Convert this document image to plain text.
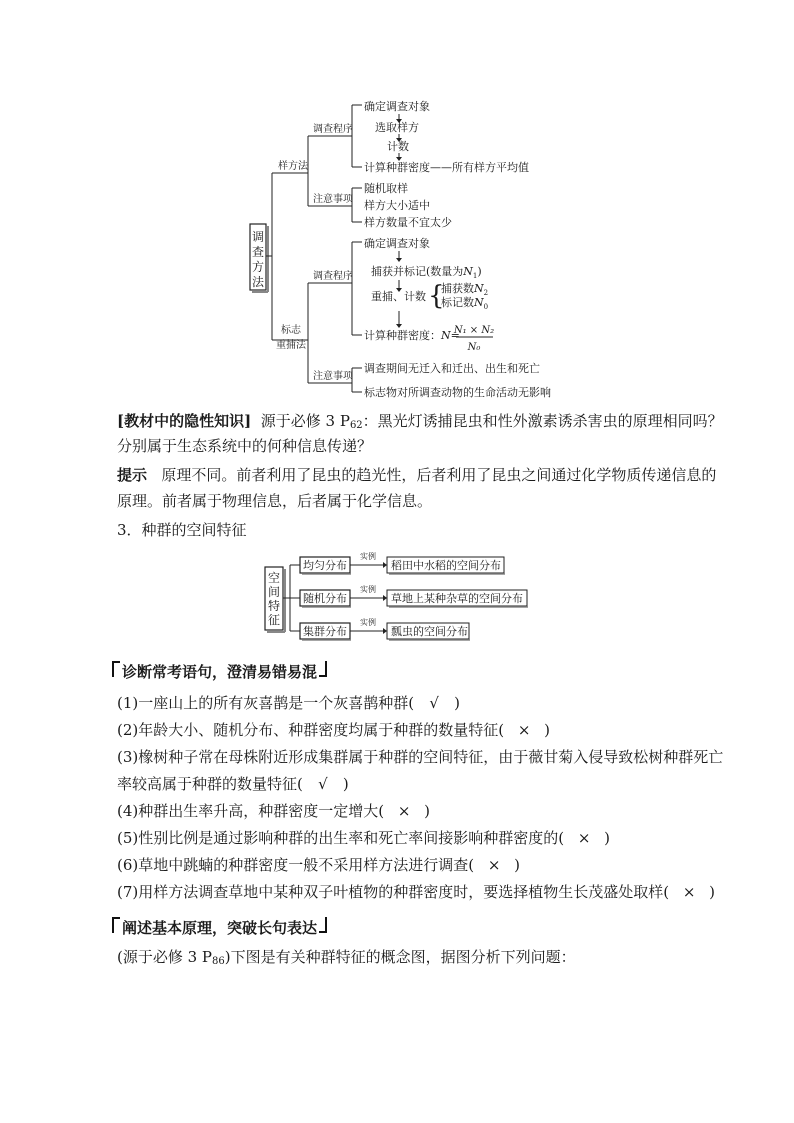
调
查
方
法
样方法
调查程序
注意事项
确定调查对象
选取样方
计数
计算种群密度——所有样方平均值
随机取样
样方大小适中
样方数量不宜太少
标志
重捕法
调查程序
注意事项
确定调查对象
捕获并标记(数量为$N_1$)
重捕、计数 {
捕获数$N_2$
标记数$N_0$
计算种群密度： N=
N₁ × N₂
N₀
调查期间无迁入和迁出、出生和死亡
标志物对所调查动物的生命活动无影响
[教材中的隐性知识] 源于必修 3 $P_{62}$：黑光灯诱捕昆虫和性外激素诱杀害虫的原理相同吗？
分别属于生态系统中的何种信息传递？
提示 原理不同。前者利用了昆虫的趋光性，后者利用了昆虫之间通过化学物质传递信息的
原理。前者属于物理信息，后者属于化学信息。
3．种群的空间特征
空
间
特
征
均匀分布
实例
稻田中水稻的空间分布
随机分布
实例
草地上某种杂草的空间分布
集群分布
实例
瓢虫的空间分布
诊断常考语句，澄清易错易混
(1)一座山上的所有灰喜鹊是一个灰喜鹊种群( √ )
(2)年龄大小、随机分布、种群密度均属于种群的数量特征( × )
(3)橡树种子常在母株附近形成集群属于种群的空间特征，由于薇甘菊入侵导致松树种群死亡
率较高属于种群的数量特征( √ )
(4)种群出生率升高，种群密度一定增大( × )
(5)性别比例是通过影响种群的出生率和死亡率间接影响种群密度的( × )
(6)草地中跳蝻的种群密度一般不采用样方法进行调查( × )
(7)用样方法调查草地中某种双子叶植物的种群密度时，要选择植物生长茂盛处取样( × )
阐述基本原理，突破长句表达
(源于必修 3 $P_{86}$)下图是有关种群特征的概念图，据图分析下列问题：
